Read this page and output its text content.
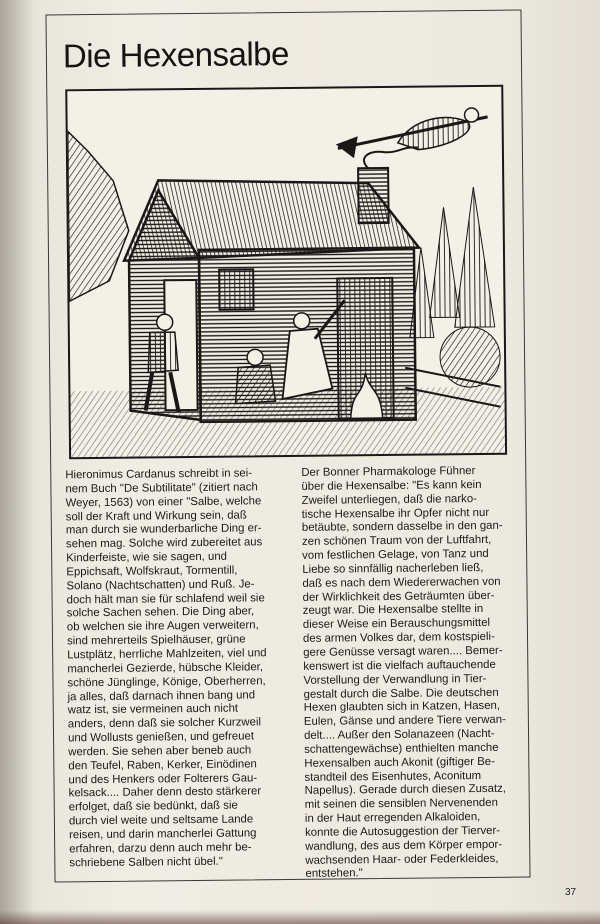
Die Hexensalbe
Hieronimus Cardanus schreibt in sei-
nem Buch "De Subtilitate" (zitiert nach
Weyer, 1563) von einer "Salbe, welche
soll der Kraft und Wirkung sein, daß
man durch sie wunderbarliche Ding er-
sehen mag. Solche wird zubereitet aus
Kinderfeiste, wie sie sagen, und
Eppichsaft, Wolfskraut, Tormentill,
Solano (Nachtschatten) und Ruß. Je-
doch hält man sie für schlafend weil sie
solche Sachen sehen. Die Ding aber,
ob welchen sie ihre Augen verweitern,
sind mehrerteils Spielhäuser, grüne
Lustplätz, herrliche Mahlzeiten, viel und
mancherlei Gezierde, hübsche Kleider,
schöne Jünglinge, Könige, Oberherren,
ja alles, daß darnach ihnen bang und
watz ist, sie vermeinen auch nicht
anders, denn daß sie solcher Kurzweil
und Wollusts genießen, und gefreuet
werden. Sie sehen aber beneb auch
den Teufel, Raben, Kerker, Einödinen
und des Henkers oder Folterers Gau-
kelsack.... Daher denn desto stärkerer
erfolget, daß sie bedünkt, daß sie
durch viel weite und seltsame Lande
reisen, und darin mancherlei Gattung
erfahren, darzu denn auch mehr be-
schriebene Salben nicht übel."
Der Bonner Pharmakologe Fühner
über die Hexensalbe: "Es kann kein
Zweifel unterliegen, daß die narko-
tische Hexensalbe ihr Opfer nicht nur
betäubte, sondern dasselbe in den gan-
zen schönen Traum von der Luftfahrt,
vom festlichen Gelage, von Tanz und
Liebe so sinnfällig nacherleben ließ,
daß es nach dem Wiedererwachen von
der Wirklichkeit des Geträumten über-
zeugt war. Die Hexensalbe stellte in
dieser Weise ein Berauschungsmittel
des armen Volkes dar, dem kostspieli-
gere Genüsse versagt waren.... Bemer-
kenswert ist die vielfach auftauchende
Vorstellung der Verwandlung in Tier-
gestalt durch die Salbe. Die deutschen
Hexen glaubten sich in Katzen, Hasen,
Eulen, Gänse und andere Tiere verwan-
delt.... Außer den Solanazeen (Nacht-
schattengewächse) enthielten manche
Hexensalben auch Akonit (giftiger Be-
standteil des Eisenhutes, Aconitum
Napellus). Gerade durch diesen Zusatz,
mit seinen die sensiblen Nervenenden
in der Haut erregenden Alkaloiden,
konnte die Autosuggestion der Tierver-
wandlung, des aus dem Körper empor-
wachsenden Haar- oder Federkleides,
entstehen."
37
